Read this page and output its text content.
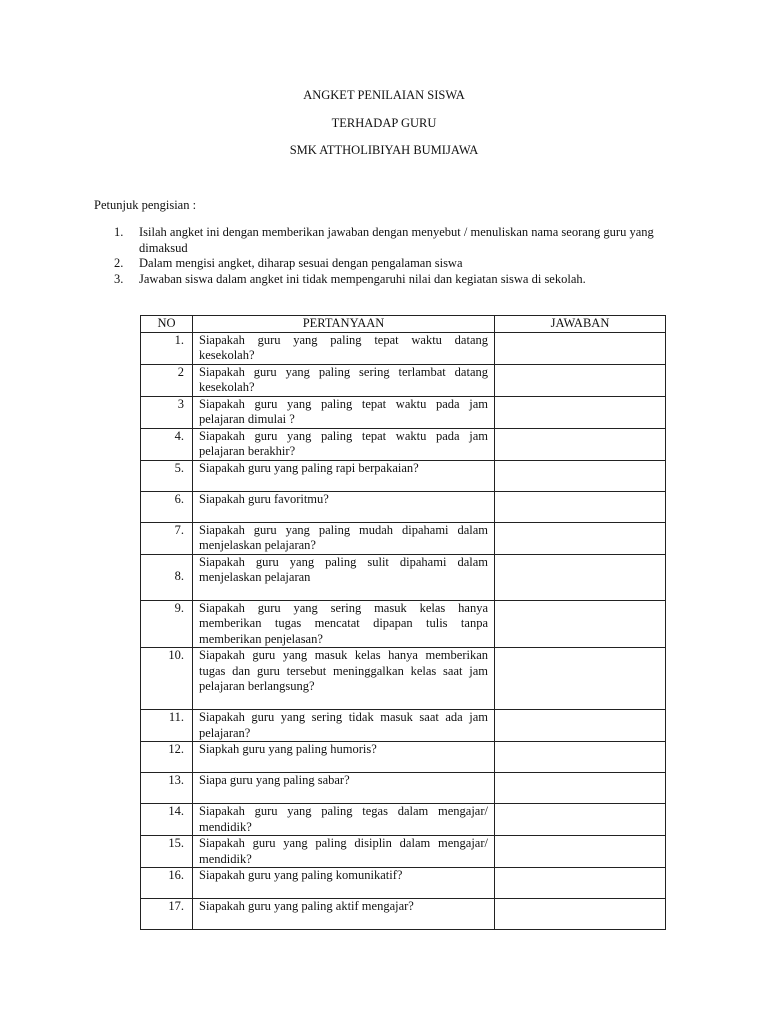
ANGKET PENILAIAN SISWA
TERHADAP GURU
SMK ATTHOLIBIYAH BUMIJAWA
Petunjuk pengisian :
1. Isilah angket ini dengan memberikan jawaban dengan menyebut / menuliskan nama seorang guru yang dimaksud
2. Dalam mengisi angket, diharap sesuai dengan pengalaman siswa
3. Jawaban siswa dalam angket ini tidak mempengaruhi nilai dan kegiatan siswa di sekolah.
NO	PERTANYAAN	JAWABAN
1.	Siapakah guru yang paling tepat waktu datang kesekolah?	
2	Siapakah guru yang paling sering terlambat datang kesekolah?	
3	Siapakah guru yang paling tepat waktu pada jam pelajaran dimulai ?	
4.	Siapakah guru yang paling tepat waktu pada jam pelajaran berakhir?	
5.	Siapakah guru yang paling rapi berpakaian?	
6.	Siapakah guru favoritmu?	
7.	Siapakah guru yang paling mudah dipahami dalam menjelaskan pelajaran?	
8.	Siapakah guru yang paling sulit dipahami dalam menjelaskan pelajaran	
9.	Siapakah guru yang sering masuk kelas hanya memberikan tugas mencatat dipapan tulis tanpa memberikan penjelasan?	
10.	Siapakah guru yang masuk kelas hanya memberikan tugas dan guru tersebut meninggalkan kelas saat jam pelajaran berlangsung?	
11.	Siapakah guru yang sering tidak masuk saat ada jam pelajaran?	
12.	Siapkah guru yang paling humoris?	
13.	Siapa guru yang paling sabar?	
14.	Siapakah guru yang paling tegas dalam mengajar/ mendidik?	
15.	Siapakah guru yang paling disiplin dalam mengajar/ mendidik?	
16.	Siapakah guru yang paling komunikatif?	
17.	Siapakah guru yang paling aktif mengajar?	
